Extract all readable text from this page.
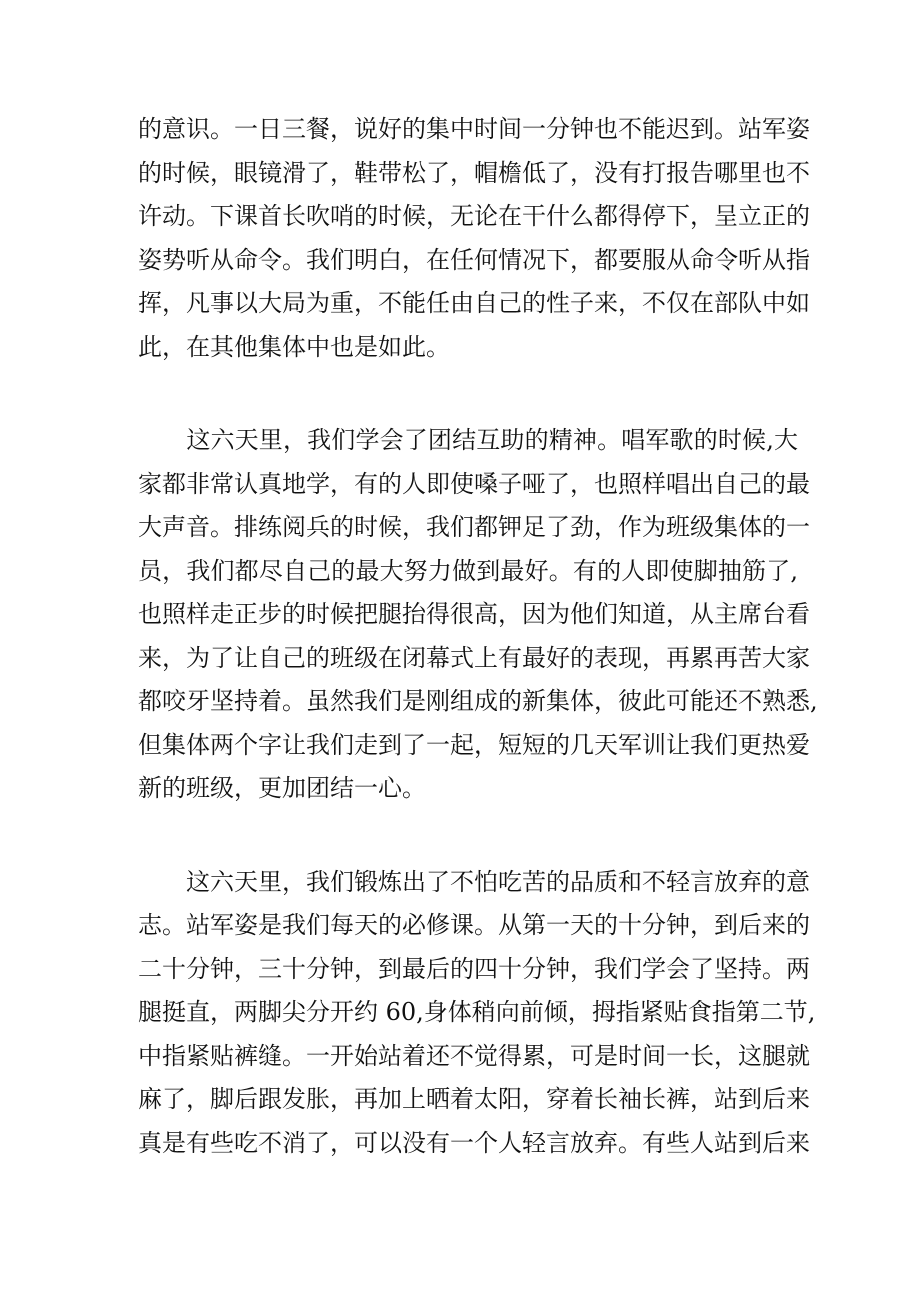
的意识。一日三餐，说好的集中时间一分钟也不能迟到。站军姿
的时候，眼镜滑了，鞋带松了，帽檐低了，没有打报告哪里也不
许动。下课首长吹哨的时候，无论在干什么都得停下，呈立正的
姿势听从命令。我们明白，在任何情况下，都要服从命令听从指
挥，凡事以大局为重，不能任由自己的性子来，不仅在部队中如
此，在其他集体中也是如此。
　　这六天里，我们学会了团结互助的精神。唱军歌的时候,大
家都非常认真地学，有的人即使嗓子哑了，也照样唱出自己的最
大声音。排练阅兵的时候，我们都钾足了劲，作为班级集体的一
员，我们都尽自己的最大努力做到最好。有的人即使脚抽筋了,
也照样走正步的时候把腿抬得很高，因为他们知道，从主席台看
来，为了让自己的班级在闭幕式上有最好的表现，再累再苦大家
都咬牙坚持着。虽然我们是刚组成的新集体，彼此可能还不熟悉,
但集体两个字让我们走到了一起，短短的几天军训让我们更热爱
新的班级，更加团结一心。
　　这六天里，我们锻炼出了不怕吃苦的品质和不轻言放弃的意
志。站军姿是我们每天的必修课。从第一天的十分钟，到后来的
二十分钟，三十分钟，到最后的四十分钟，我们学会了坚持。两
腿挺直，两脚尖分开约 60,身体稍向前倾，拇指紧贴食指第二节,
中指紧贴裤缝。一开始站着还不觉得累，可是时间一长，这腿就
麻了，脚后跟发胀，再加上晒着太阳，穿着长袖长裤，站到后来
真是有些吃不消了，可以没有一个人轻言放弃。有些人站到后来
